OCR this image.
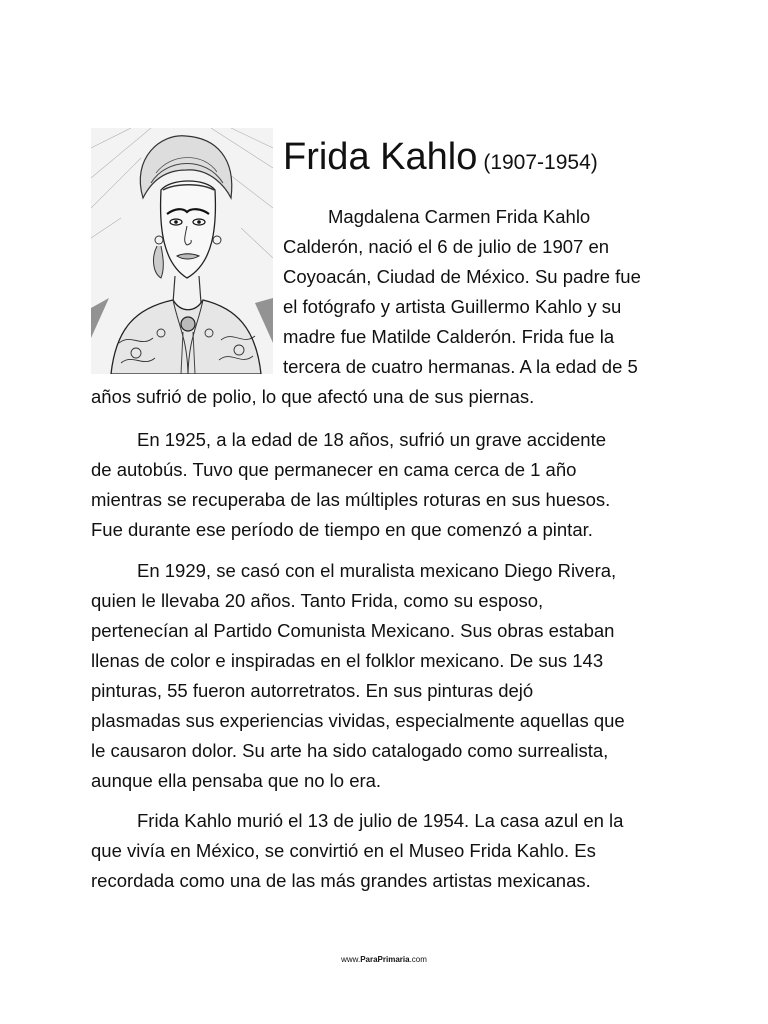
Frida Kahlo (1907-1954)
Magdalena Carmen Frida Kahlo
Calderón, nació el 6 de julio de 1907 en
Coyoacán, Ciudad de México. Su padre fue
el fotógrafo y artista Guillermo Kahlo y su
madre fue Matilde Calderón. Frida fue la
tercera de cuatro hermanas. A la edad de 5
años sufrió de polio, lo que afectó una de sus piernas.
En 1925, a la edad de 18 años, sufrió un grave accidente
de autobús. Tuvo que permanecer en cama cerca de 1 año
mientras se recuperaba de las múltiples roturas en sus huesos.
Fue durante ese período de tiempo en que comenzó a pintar.
En 1929, se casó con el muralista mexicano Diego Rivera,
quien le llevaba 20 años. Tanto Frida, como su esposo,
pertenecían al Partido Comunista Mexicano. Sus obras estaban
llenas de color e inspiradas en el folklor mexicano. De sus 143
pinturas, 55 fueron autorretratos. En sus pinturas dejó
plasmadas sus experiencias vividas, especialmente aquellas que
le causaron dolor. Su arte ha sido catalogado como surrealista,
aunque ella pensaba que no lo era.
Frida Kahlo murió el 13 de julio de 1954. La casa azul en la
que vivía en México, se convirtió en el Museo Frida Kahlo. Es
recordada como una de las más grandes artistas mexicanas.
www.ParaPrimaria.com
